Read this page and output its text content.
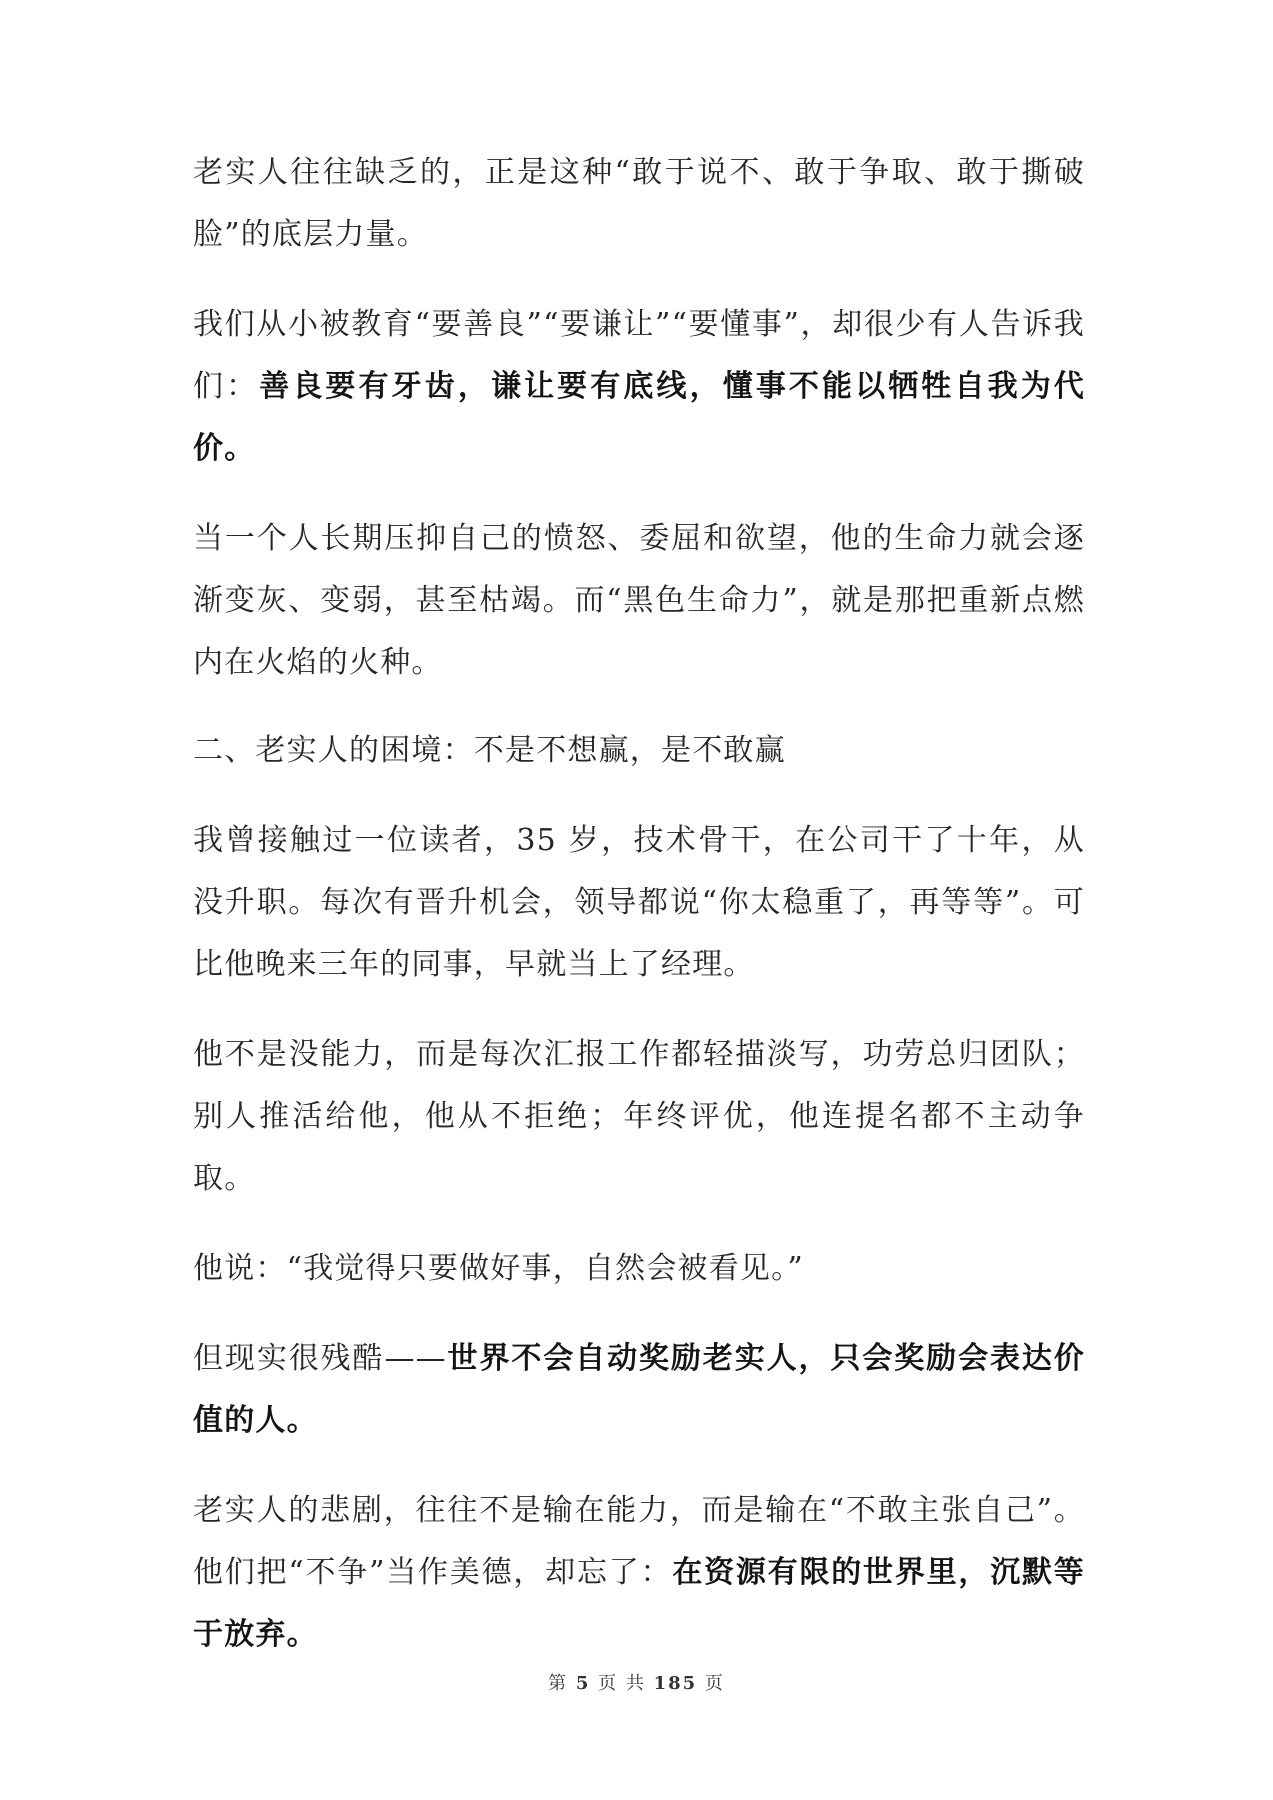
老实人往往缺乏的，正是这种“敢于说不、敢于争取、敢于撕破脸”的底层力量。

我们从小被教育“要善良”“要谦让”“要懂事”，却很少有人告诉我们：善良要有牙齿，谦让要有底线，懂事不能以牺牲自我为代价。

当一个人长期压抑自己的愤怒、委屈和欲望，他的生命力就会逐渐变灰、变弱，甚至枯竭。而“黑色生命力”，就是那把重新点燃内在火焰的火种。

二、老实人的困境：不是不想赢，是不敢赢

我曾接触过一位读者，35 岁，技术骨干，在公司干了十年，从没升职。每次有晋升机会，领导都说“你太稳重了，再等等”。可比他晚来三年的同事，早就当上了经理。

他不是没能力，而是每次汇报工作都轻描淡写，功劳总归团队；别人推活给他，他从不拒绝；年终评优，他连提名都不主动争取。

他说：“我觉得只要做好事，自然会被看见。”

但现实很残酷——世界不会自动奖励老实人，只会奖励会表达价值的人。

老实人的悲剧，往往不是输在能力，而是输在“不敢主张自己”。他们把“不争”当作美德，却忘了：在资源有限的世界里，沉默等于放弃。

第 5 页 共 185 页
